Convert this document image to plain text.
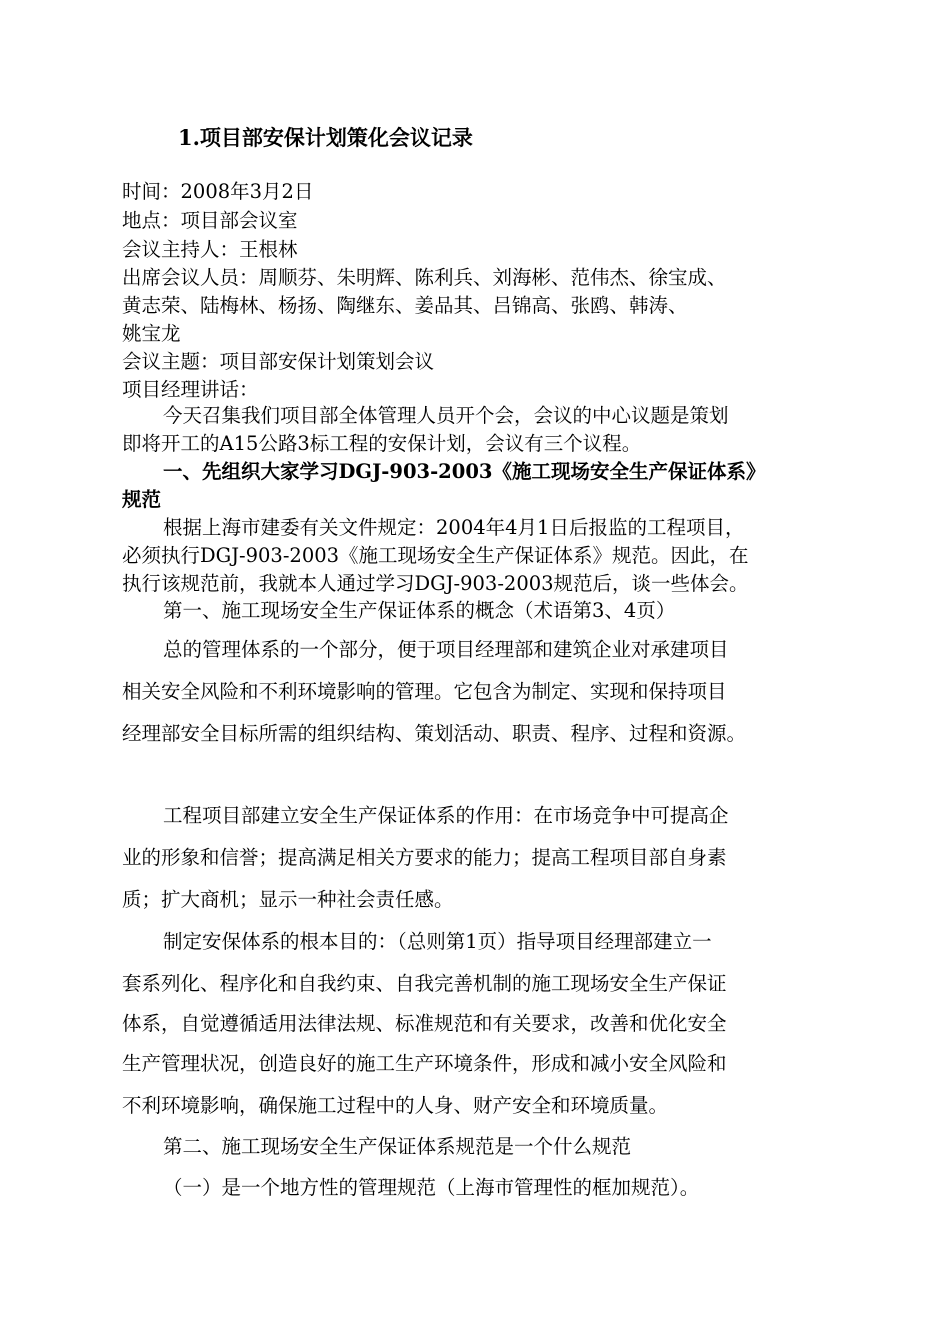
1.项目部安保计划策化会议记录
时间：2008年3月2日
地点：项目部会议室
会议主持人：王根林
出席会议人员：周顺芬、朱明辉、陈利兵、刘海彬、范伟杰、徐宝成、
黄志荣、陆梅林、杨扬、陶继东、姜品其、吕锦高、张鸥、韩涛、
姚宝龙
会议主题：项目部安保计划策划会议
项目经理讲话：
今天召集我们项目部全体管理人员开个会，会议的中心议题是策划
即将开工的A15公路3标工程的安保计划，会议有三个议程。
一、先组织大家学习DGJ-903-2003《施工现场安全生产保证体系》
规范
根据上海市建委有关文件规定：2004年4月1日后报监的工程项目，
必须执行DGJ-903-2003《施工现场安全生产保证体系》规范。因此，在
执行该规范前，我就本人通过学习DGJ-903-2003规范后，谈一些体会。
第一、施工现场安全生产保证体系的概念（术语第3、4页）
总的管理体系的一个部分，便于项目经理部和建筑企业对承建项目
相关安全风险和不利环境影响的管理。它包含为制定、实现和保持项目
经理部安全目标所需的组织结构、策划活动、职责、程序、过程和资源。
工程项目部建立安全生产保证体系的作用：在市场竞争中可提高企
业的形象和信誉；提高满足相关方要求的能力；提高工程项目部自身素
质；扩大商机；显示一种社会责任感。
制定安保体系的根本目的：（总则第1页）指导项目经理部建立一
套系列化、程序化和自我约束、自我完善机制的施工现场安全生产保证
体系，自觉遵循适用法律法规、标准规范和有关要求，改善和优化安全
生产管理状况，创造良好的施工生产环境条件，形成和减小安全风险和
不利环境影响，确保施工过程中的人身、财产安全和环境质量。
第二、施工现场安全生产保证体系规范是一个什么规范
（一）是一个地方性的管理规范（上海市管理性的框加规范）。
